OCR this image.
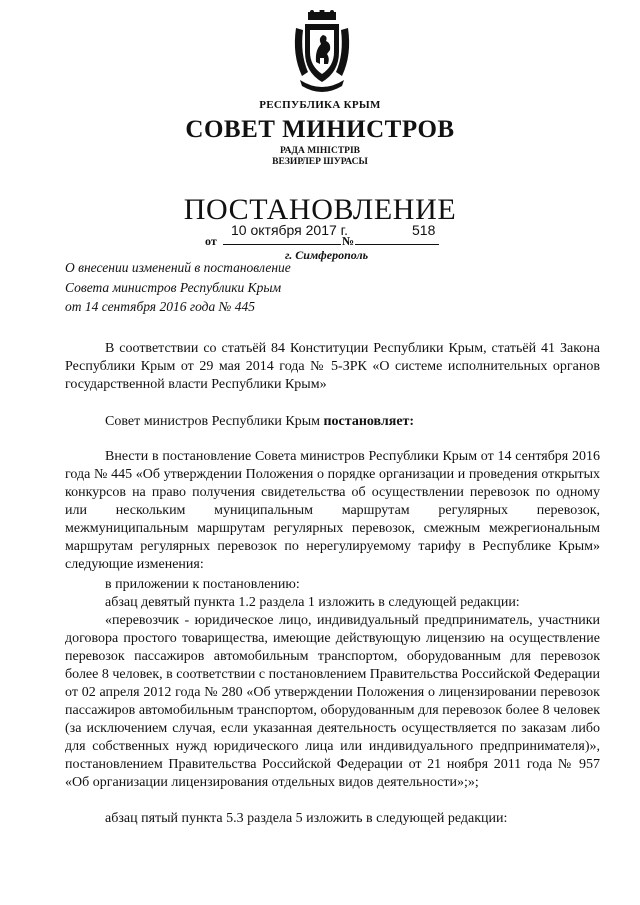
РЕСПУБЛИКА КРЫМ
СОВЕТ МИНИСТРОВ
РАДА МІНІСТРІВ
ВЕЗИРЛЕР ШУРАСЫ
ПОСТАНОВЛЕНИЕ
10 октября 2017 г.	518
от	№
г. Симферополь
О внесении изменений в постановление
Совета министров Республики Крым
от 14 сентября 2016 года № 445
В соответствии со статьёй 84 Конституции Республики Крым, статьёй 41 Закона Республики Крым от 29 мая 2014 года № 5-ЗРК «О системе исполнительных органов государственной власти Республики Крым»
Совет министров Республики Крым постановляет:
Внести в постановление Совета министров Республики Крым от 14 сентября 2016 года № 445 «Об утверждении Положения о порядке организации и проведения открытых конкурсов на право получения свидетельства об осуществлении перевозок по одному или нескольким муниципальным маршрутам регулярных перевозок, межмуниципальным маршрутам регулярных перевозок, смежным межрегиональным маршрутам регулярных перевозок по нерегулируемому тарифу в Республике Крым» следующие изменения:
в приложении к постановлению:
абзац девятый пункта 1.2 раздела 1 изложить в следующей редакции:
«перевозчик - юридическое лицо, индивидуальный предприниматель, участники договора простого товарищества, имеющие действующую лицензию на осуществление перевозок пассажиров автомобильным транспортом, оборудованным для перевозок более 8 человек, в соответствии с постановлением Правительства Российской Федерации от 02 апреля 2012 года № 280 «Об утверждении Положения о лицензировании перевозок пассажиров автомобильным транспортом, оборудованным для перевозок более 8 человек (за исключением случая, если указанная деятельность осуществляется по заказам либо для собственных нужд юридического лица или индивидуального предпринимателя)», постановлением Правительства Российской Федерации от 21 ноября 2011 года № 957 «Об организации лицензирования отдельных видов деятельности»;»;
абзац пятый пункта 5.3 раздела 5 изложить в следующей редакции:
